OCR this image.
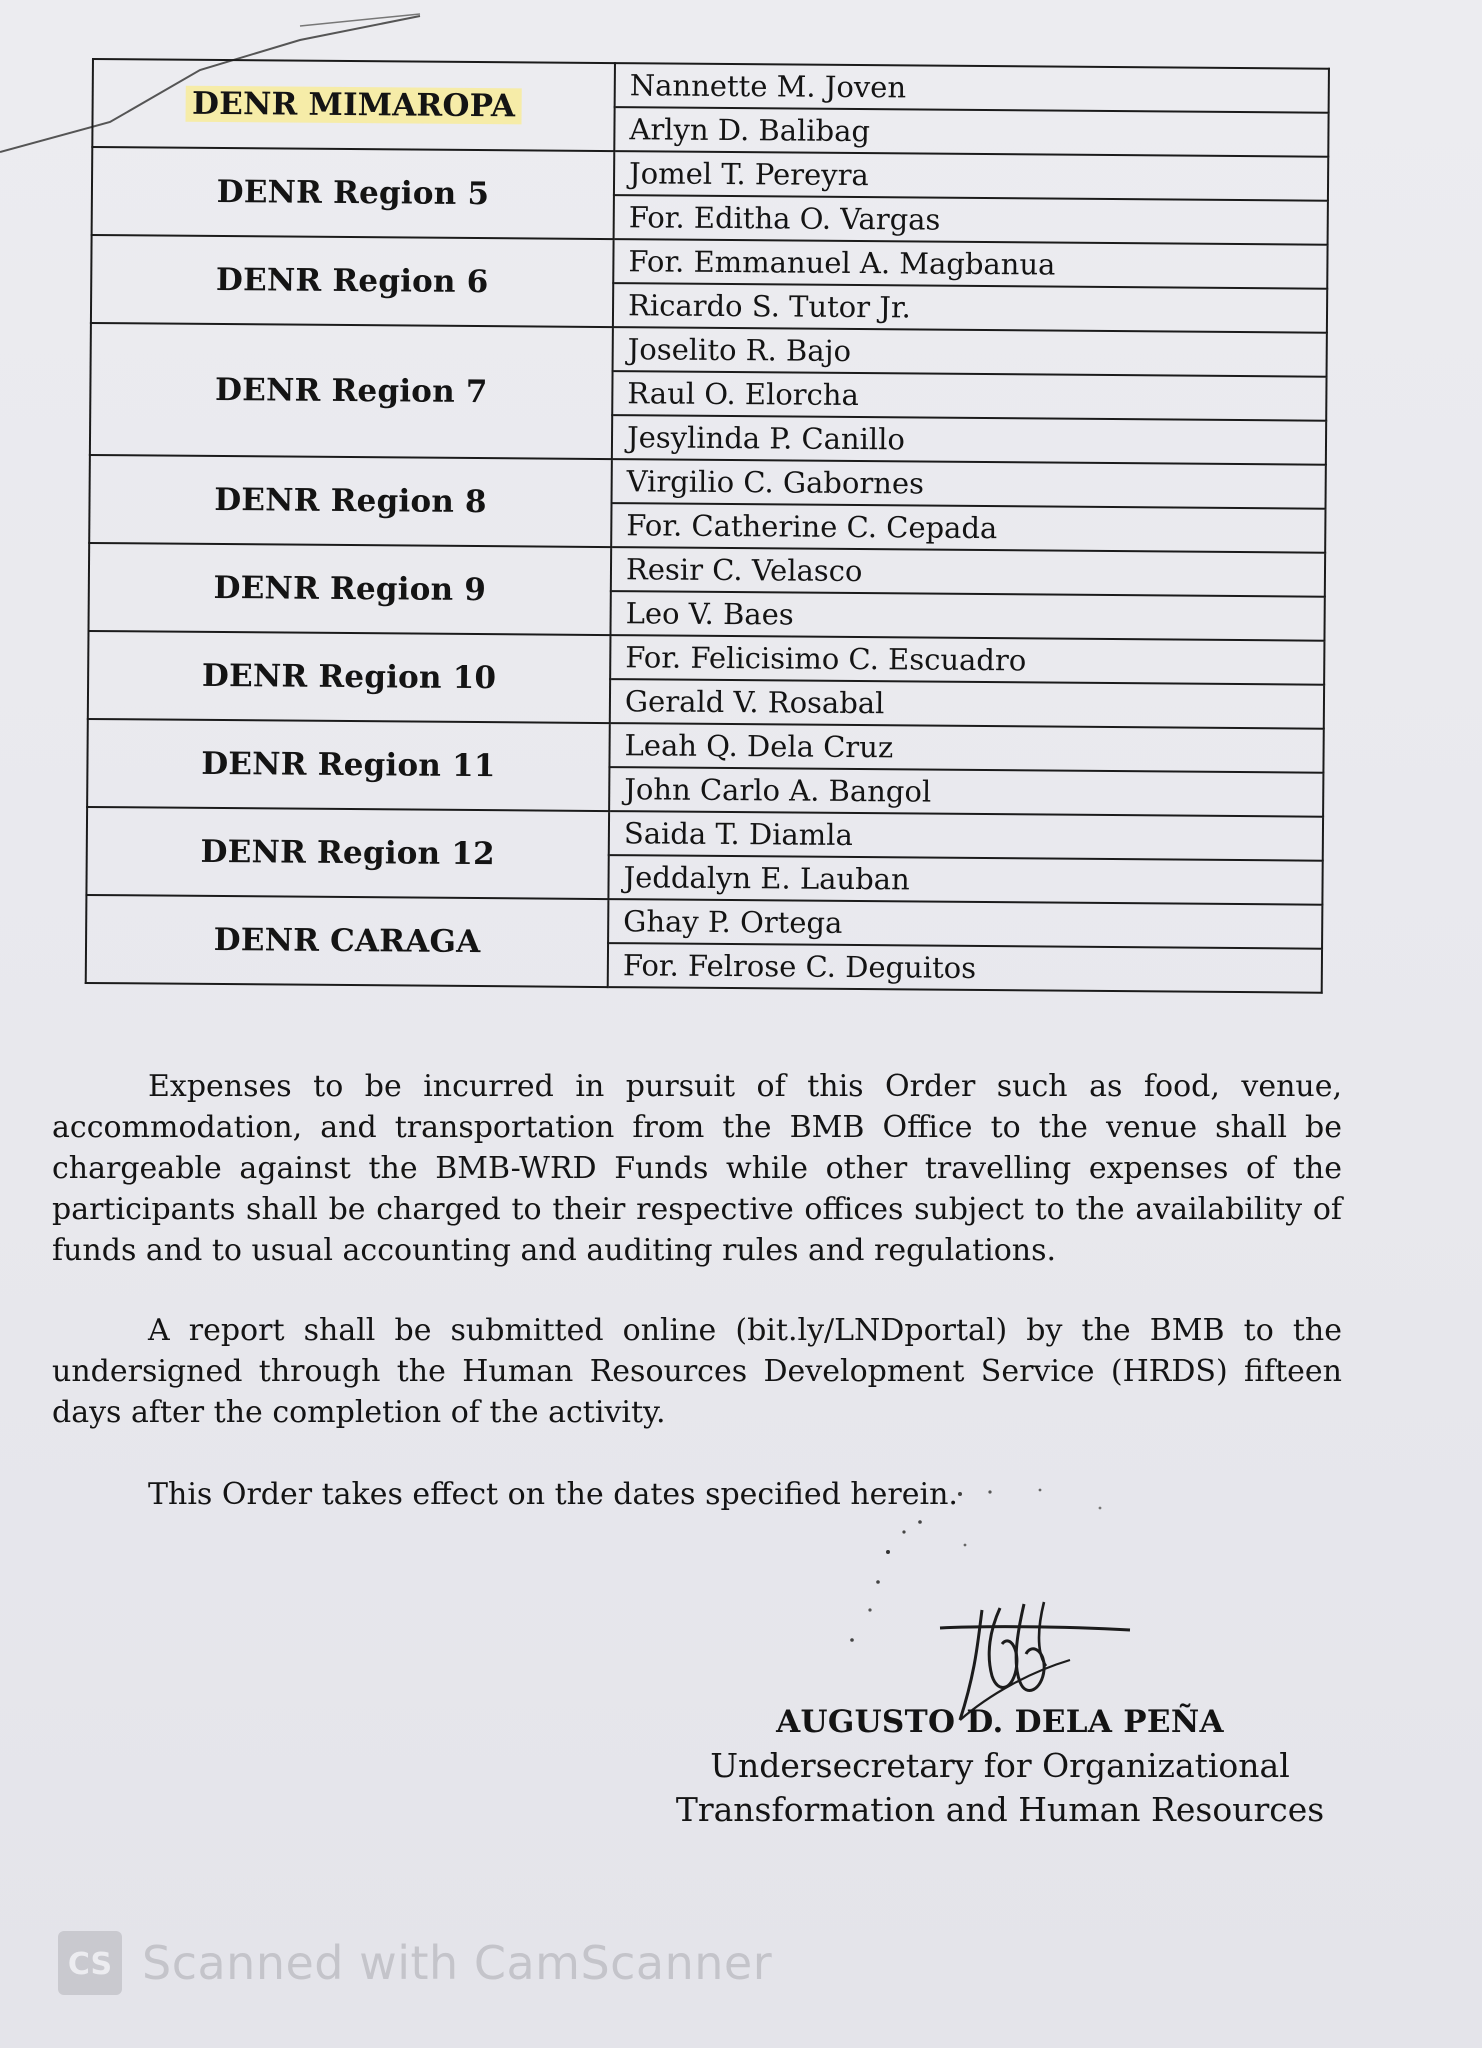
DENR MIMAROPA	Nannette M. Joven
	Arlyn D. Balibag
DENR Region 5	Jomel T. Pereyra
	For. Editha O. Vargas
DENR Region 6	For. Emmanuel A. Magbanua
	Ricardo S. Tutor Jr.
DENR Region 7	Joselito R. Bajo
	Raul O. Elorcha
	Jesylinda P. Canillo
DENR Region 8	Virgilio C. Gabornes
	For. Catherine C. Cepada
DENR Region 9	Resir C. Velasco
	Leo V. Baes
DENR Region 10	For. Felicisimo C. Escuadro
	Gerald V. Rosabal
DENR Region 11	Leah Q. Dela Cruz
	John Carlo A. Bangol
DENR Region 12	Saida T. Diamla
	Jeddalyn E. Lauban
DENR CARAGA	Ghay P. Ortega
	For. Felrose C. Deguitos

Expenses to be incurred in pursuit of this Order such as food, venue, accommodation, and transportation from the BMB Office to the venue shall be chargeable against the BMB-WRD Funds while other travelling expenses of the participants shall be charged to their respective offices subject to the availability of funds and to usual accounting and auditing rules and regulations.

A report shall be submitted online (bit.ly/LNDportal) by the BMB to the undersigned through the Human Resources Development Service (HRDS) fifteen days after the completion of the activity.

This Order takes effect on the dates specified herein.

AUGUSTO D. DELA PEÑA
Undersecretary for Organizational
Transformation and Human Resources
CS Scanned with CamScanner
